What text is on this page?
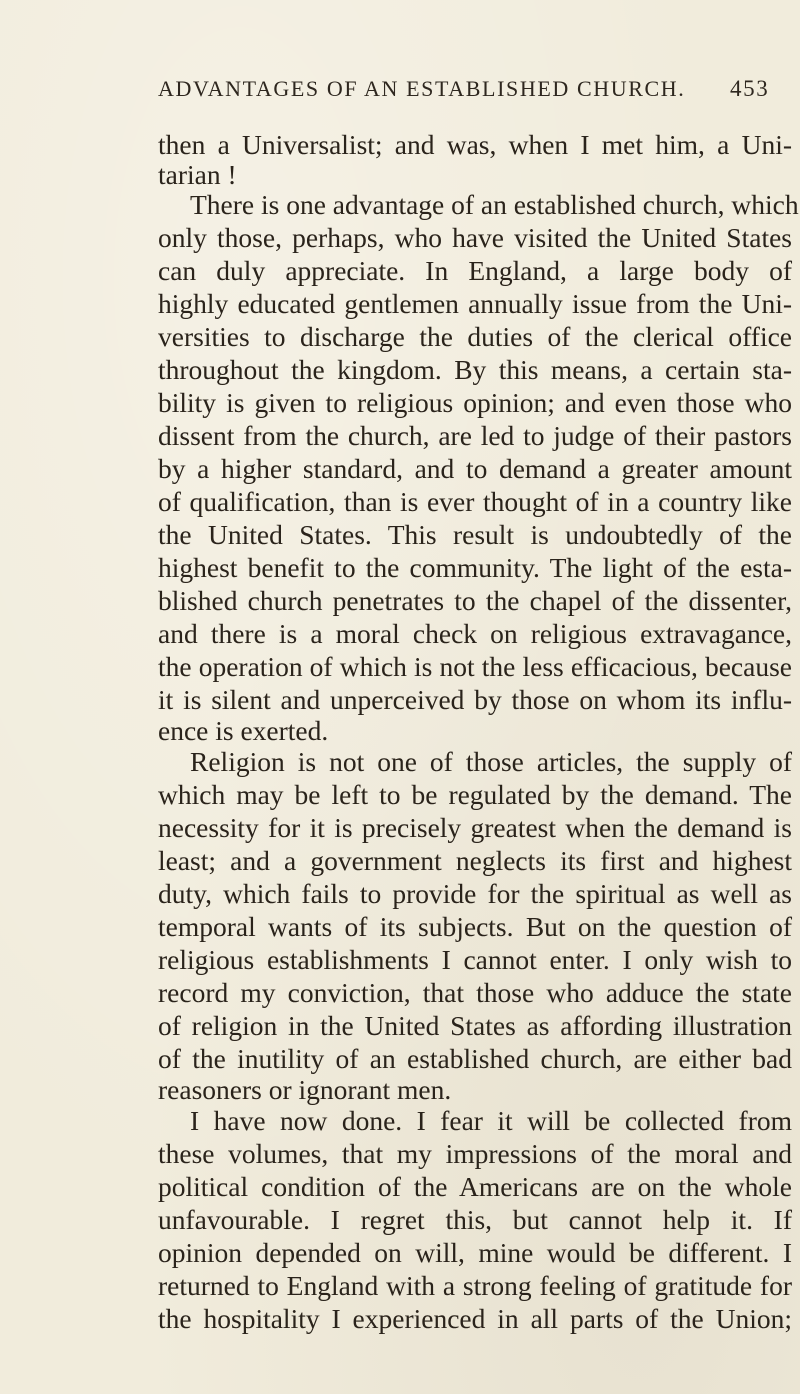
ADVANTAGES OF AN ESTABLISHED CHURCH. 453
then a Universalist; and was, when I met him, a Uni-
tarian !
There is one advantage of an established church, which
only those, perhaps, who have visited the United States
can duly appreciate. In England, a large body of
highly educated gentlemen annually issue from the Uni-
versities to discharge the duties of the clerical office
throughout the kingdom. By this means, a certain sta-
bility is given to religious opinion; and even those who
dissent from the church, are led to judge of their pastors
by a higher standard, and to demand a greater amount
of qualification, than is ever thought of in a country like
the United States. This result is undoubtedly of the
highest benefit to the community. The light of the esta-
blished church penetrates to the chapel of the dissenter,
and there is a moral check on religious extravagance,
the operation of which is not the less efficacious, because
it is silent and unperceived by those on whom its influ-
ence is exerted.
Religion is not one of those articles, the supply of
which may be left to be regulated by the demand. The
necessity for it is precisely greatest when the demand is
least; and a government neglects its first and highest
duty, which fails to provide for the spiritual as well as
temporal wants of its subjects. But on the question of
religious establishments I cannot enter. I only wish to
record my conviction, that those who adduce the state
of religion in the United States as affording illustration
of the inutility of an established church, are either bad
reasoners or ignorant men.
I have now done. I fear it will be collected from
these volumes, that my impressions of the moral and
political condition of the Americans are on the whole
unfavourable. I regret this, but cannot help it. If
opinion depended on will, mine would be different. I
returned to England with a strong feeling of gratitude for
the hospitality I experienced in all parts of the Union;
